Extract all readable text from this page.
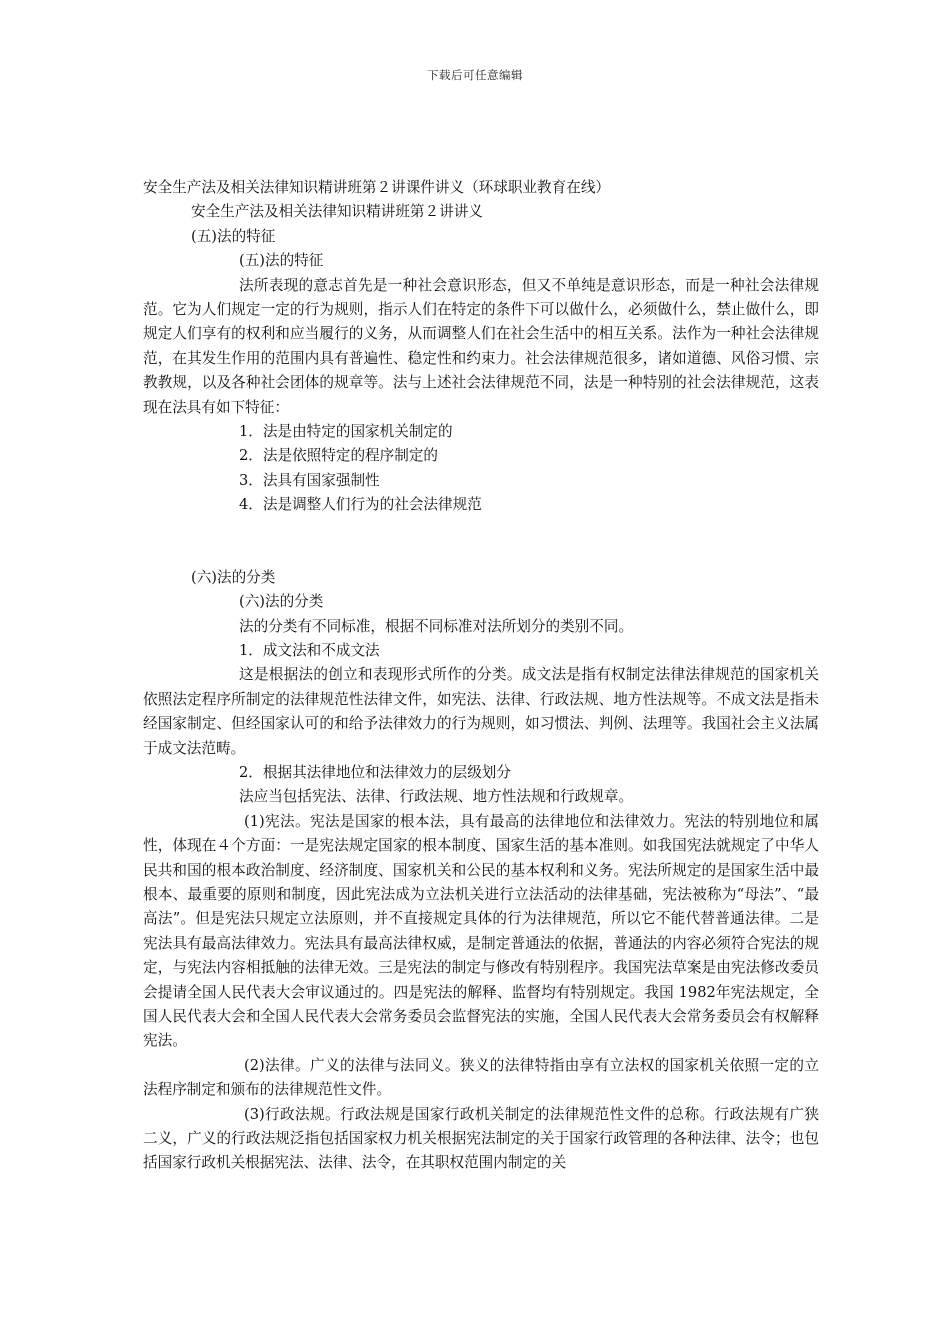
下载后可任意编辑

安全生产法及相关法律知识精讲班第２讲课件讲义（环球职业教育在线）

安全生产法及相关法律知识精讲班第２讲讲义

(五)法的特征

(五)法的特征

法所表现的意志首先是一种社会意识形态，但又不单纯是意识形态，而是一种社会法律规范。它为人们规定一定的行为规则，指示人们在特定的条件下可以做什么，必须做什么，禁止做什么，即规定人们享有的权利和应当履行的义务，从而调整人们在社会生活中的相互关系。法作为一种社会法律规范，在其发生作用的范围内具有普遍性、稳定性和约束力。社会法律规范很多，诸如道德、风俗习惯、宗教教规，以及各种社会团体的规章等。法与上述社会法律规范不同，法是一种特别的社会法律规范，这表现在法具有如下特征：

1．法是由特定的国家机关制定的

2．法是依照特定的程序制定的

3．法具有国家强制性

4．法是调整人们行为的社会法律规范

(六)法的分类

(六)法的分类

法的分类有不同标准，根据不同标准对法所划分的类别不同。

1．成文法和不成文法

这是根据法的创立和表现形式所作的分类。成文法是指有权制定法律法律规范的国家机关依照法定程序所制定的法律规范性法律文件，如宪法、法律、行政法规、地方性法规等。不成文法是指未经国家制定、但经国家认可的和给予法律效力的行为规则，如习惯法、判例、法理等。我国社会主义法属于成文法范畴。

2．根据其法律地位和法律效力的层级划分

法应当包括宪法、法律、行政法规、地方性法规和行政规章。

(1)宪法。宪法是国家的根本法，具有最高的法律地位和法律效力。宪法的特别地位和属性，体现在４个方面：一是宪法规定国家的根本制度、国家生活的基本准则。如我国宪法就规定了中华人民共和国的根本政治制度、经济制度、国家机关和公民的基本权利和义务。宪法所规定的是国家生活中最根本、最重要的原则和制度，因此宪法成为立法机关进行立法活动的法律基础，宪法被称为“母法”、“最高法”。但是宪法只规定立法原则，并不直接规定具体的行为法律规范，所以它不能代替普通法律。二是宪法具有最高法律效力。宪法具有最高法律权威，是制定普通法的依据，普通法的内容必须符合宪法的规定，与宪法内容相抵触的法律无效。三是宪法的制定与修改有特别程序。我国宪法草案是由宪法修改委员会提请全国人民代表大会审议通过的。四是宪法的解释、监督均有特别规定。我国 1982年宪法规定，全国人民代表大会和全国人民代表大会常务委员会监督宪法的实施，全国人民代表大会常务委员会有权解释宪法。

(2)法律。广义的法律与法同义。狭义的法律特指由享有立法权的国家机关依照一定的立法程序制定和颁布的法律规范性文件。

(3)行政法规。行政法规是国家行政机关制定的法律规范性文件的总称。行政法规有广狭二义，广义的行政法规泛指包括国家权力机关根据宪法制定的关于国家行政管理的各种法律、法令；也包括国家行政机关根据宪法、法律、法令，在其职权范围内制定的关
